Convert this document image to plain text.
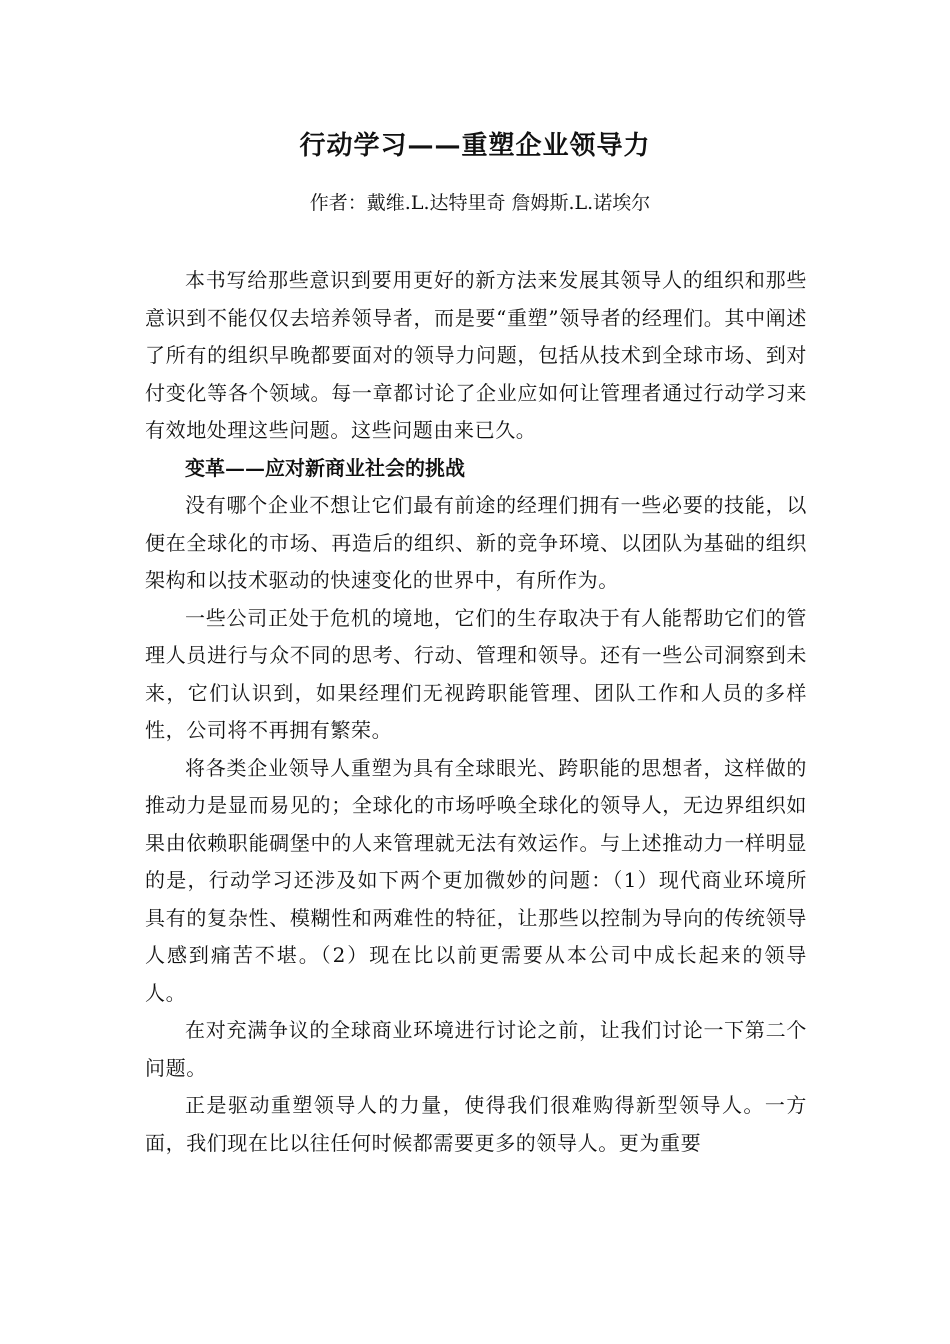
行动学习——重塑企业领导力
作者：戴维.L.达特里奇 詹姆斯.L.诺埃尔

本书写给那些意识到要用更好的新方法来发展其领导人的组织和那些意识到不能仅仅去培养领导者，而是要“重塑”领导者的经理们。其中阐述了所有的组织早晚都要面对的领导力问题，包括从技术到全球市场、到对付变化等各个领域。每一章都讨论了企业应如何让管理者通过行动学习来有效地处理这些问题。这些问题由来已久。

变革——应对新商业社会的挑战

没有哪个企业不想让它们最有前途的经理们拥有一些必要的技能，以便在全球化的市场、再造后的组织、新的竞争环境、以团队为基础的组织架构和以技术驱动的快速变化的世界中，有所作为。

一些公司正处于危机的境地，它们的生存取决于有人能帮助它们的管理人员进行与众不同的思考、行动、管理和领导。还有一些公司洞察到未来，它们认识到，如果经理们无视跨职能管理、团队工作和人员的多样性，公司将不再拥有繁荣。

将各类企业领导人重塑为具有全球眼光、跨职能的思想者，这样做的推动力是显而易见的；全球化的市场呼唤全球化的领导人，无边界组织如果由依赖职能碉堡中的人来管理就无法有效运作。与上述推动力一样明显的是，行动学习还涉及如下两个更加微妙的问题：（1）现代商业环境所具有的复杂性、模糊性和两难性的特征，让那些以控制为导向的传统领导人感到痛苦不堪。（2）现在比以前更需要从本公司中成长起来的领导人。

在对充满争议的全球商业环境进行讨论之前，让我们讨论一下第二个问题。

正是驱动重塑领导人的力量，使得我们很难购得新型领导人。一方面，我们现在比以往任何时候都需要更多的领导人。更为重要
